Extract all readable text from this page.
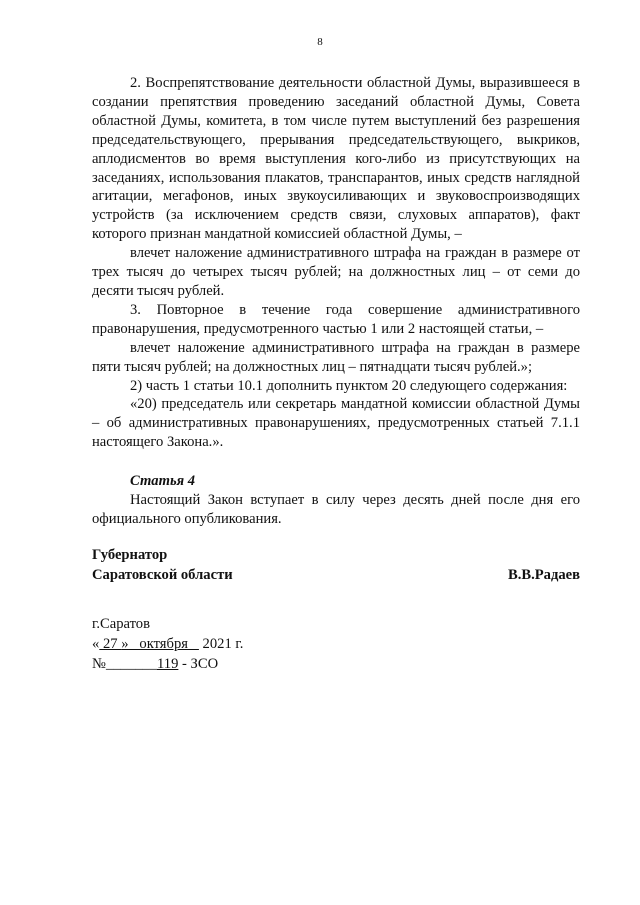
8

2. Воспрепятствование деятельности областной Думы, выразившееся в создании препятствия проведению заседаний областной Думы, Совета областной Думы, комитета, в том числе путем выступлений без разрешения председательствующего, прерывания председательствующего, выкриков, аплодисментов во время выступления кого-либо из присутствующих на заседаниях, использования плакатов, транспарантов, иных средств наглядной агитации, мегафонов, иных звукоусиливающих и звуковоспроизводящих устройств (за исключением средств связи, слуховых аппаратов), факт которого признан мандатной комиссией областной Думы, –

влечет наложение административного штрафа на граждан в размере от трех тысяч до четырех тысяч рублей; на должностных лиц – от семи до десяти тысяч рублей.

3. Повторное в течение года совершение административного правонарушения, предусмотренного частью 1 или 2 настоящей статьи, –

влечет наложение административного штрафа на граждан в размере пяти тысяч рублей; на должностных лиц – пятнадцати тысяч рублей.»;

2) часть 1 статьи 10.1 дополнить пунктом 20 следующего содержания:

«20) председатель или секретарь мандатной комиссии областной Думы – об административных правонарушениях, предусмотренных статьей 7.1.1 настоящего Закона.».

Статья 4

Настоящий Закон вступает в силу через десять дней после дня его официального опубликования.

Губернатор
Саратовской области	В.В.Радаев
г.Саратов
« 27 »   октября    2021 г.
№_______119 - ЗСО
